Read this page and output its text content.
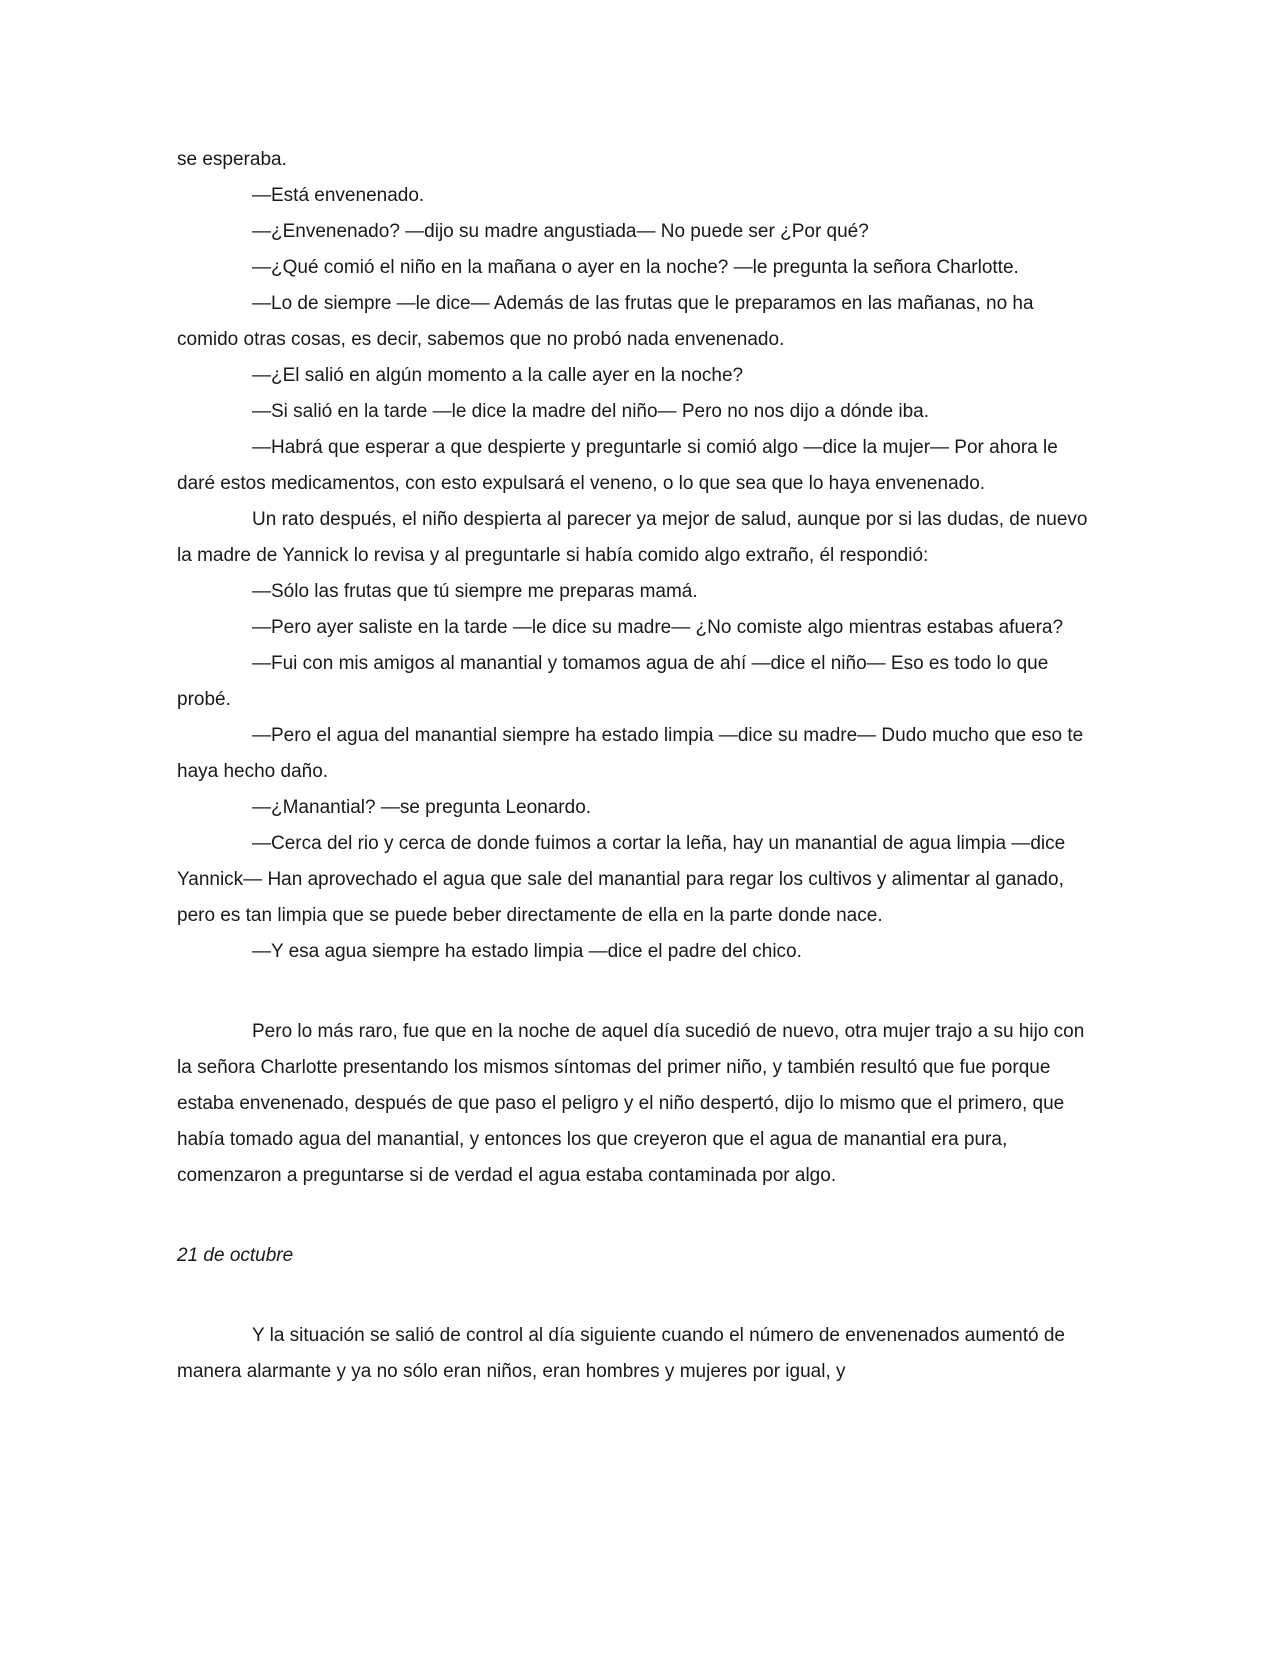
se esperaba.

—Está envenenado.

—¿Envenenado? —dijo su madre angustiada— No puede ser ¿Por qué?

—¿Qué comió el niño en la mañana o ayer en la noche? —le pregunta la señora Charlotte.

—Lo de siempre —le dice— Además de las frutas que le preparamos en las mañanas, no ha comido otras cosas, es decir, sabemos que no probó nada envenenado.

—¿El salió en algún momento a la calle ayer en la noche?

—Si salió en la tarde —le dice la madre del niño— Pero no nos dijo a dónde iba.

—Habrá que esperar a que despierte y preguntarle si comió algo —dice la mujer— Por ahora le daré estos medicamentos, con esto expulsará el veneno, o lo que sea que lo haya envenenado.

Un rato después, el niño despierta al parecer ya mejor de salud, aunque por si las dudas, de nuevo la madre de Yannick lo revisa y al preguntarle si había comido algo extraño, él respondió:

—Sólo las frutas que tú siempre me preparas mamá.

—Pero ayer saliste en la tarde —le dice su madre— ¿No comiste algo mientras estabas afuera?

—Fui con mis amigos al manantial y tomamos agua de ahí —dice el niño— Eso es todo lo que probé.

—Pero el agua del manantial siempre ha estado limpia —dice su madre— Dudo mucho que eso te haya hecho daño.

—¿Manantial? —se pregunta Leonardo.

—Cerca del rio y cerca de donde fuimos a cortar la leña, hay un manantial de agua limpia —dice Yannick— Han aprovechado el agua que sale del manantial para regar los cultivos y alimentar al ganado, pero es tan limpia que se puede beber directamente de ella en la parte donde nace.

—Y esa agua siempre ha estado limpia —dice el padre del chico.

Pero lo más raro, fue que en la noche de aquel día sucedió de nuevo, otra mujer trajo a su hijo con la señora Charlotte presentando los mismos síntomas del primer niño, y también resultó que fue porque estaba envenenado, después de que paso el peligro y el niño despertó, dijo lo mismo que el primero, que había tomado agua del manantial, y entonces los que creyeron que el agua de manantial era pura, comenzaron a preguntarse si de verdad el agua estaba contaminada por algo.

21 de octubre

Y la situación se salió de control al día siguiente cuando el número de envenenados aumentó de manera alarmante y ya no sólo eran niños, eran hombres y mujeres por igual, y
